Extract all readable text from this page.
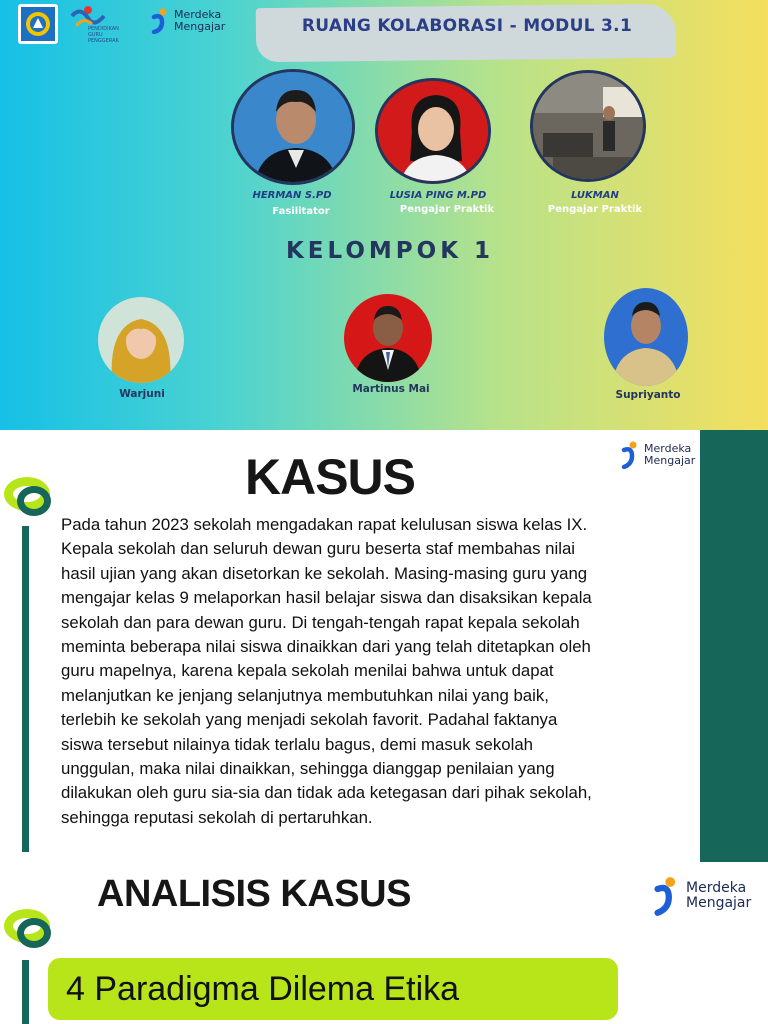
PENDIDIKAN GURU PENGGERAK
Merdeka
Mengajar	RUANG KOLABORASI - MODUL 3.1
HERMAN S.PD
Fasilitator
LUSIA PING M.PD
Pengajar Praktik
LUKMAN
Pengajar Praktik
KELOMPOK 1
Warjuni	Martinus Mai	Supriyanto
Merdeka
Mengajar
KASUS
Pada tahun 2023 sekolah mengadakan rapat kelulusan siswa kelas IX.
Kepala sekolah dan seluruh dewan guru beserta staf membahas nilai
hasil ujian yang akan disetorkan ke sekolah. Masing-masing guru yang
mengajar kelas 9 melaporkan hasil belajar siswa dan disaksikan kepala
sekolah dan para dewan guru. Di tengah-tengah rapat kepala sekolah
meminta beberapa nilai siswa dinaikkan dari yang telah ditetapkan oleh
guru mapelnya, karena kepala sekolah menilai bahwa untuk dapat
melanjutkan ke jenjang selanjutnya membutuhkan nilai yang baik,
terlebih ke sekolah yang menjadi sekolah favorit. Padahal faktanya
siswa tersebut nilainya tidak terlalu bagus, demi masuk sekolah
unggulan, maka nilai dinaikkan, sehingga dianggap penilaian yang
dilakukan oleh guru sia-sia dan tidak ada ketegasan dari pihak sekolah,
sehingga reputasi sekolah di pertaruhkan.
ANALISIS KASUS	Merdeka
Mengajar
4 Paradigma Dilema Etika
